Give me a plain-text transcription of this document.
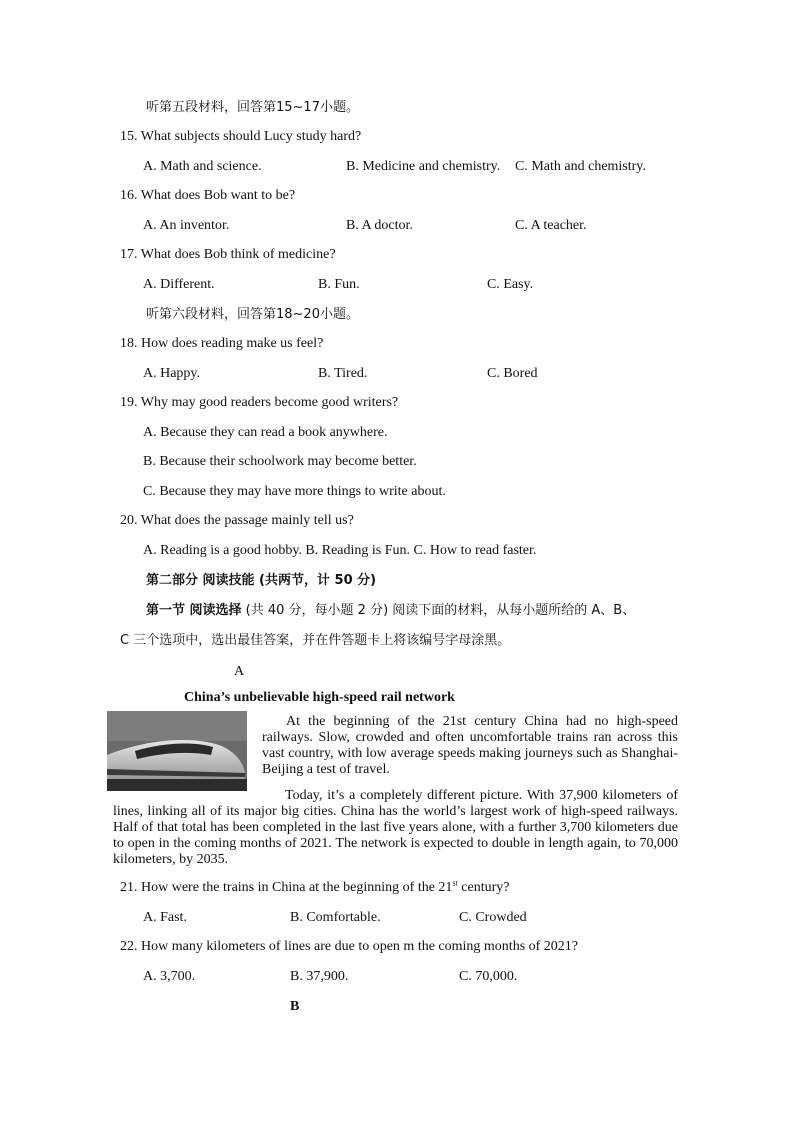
听第五段材料，回答第15~17小题。
15. What subjects should Lucy study hard?
A. Math and science.	B. Medicine and chemistry. C. Math and chemistry.
16. What does Bob want to be?
A. An inventor.	B. A doctor.	C. A teacher.
17. What does Bob think of medicine?
A. Different.	B. Fun.	C. Easy.
听第六段材料，回答第18~20小题。
18. How does reading make us feel?
A. Happy.	B. Tired.	C. Bored
19. Why may good readers become good writers?
A. Because they can read a book anywhere.
B. Because their schoolwork may become better.
C. Because they may have more things to write about.
20. What does the passage mainly tell us?
A. Reading is a good hobby. B. Reading is Fun. C. How to read faster.
第二部分 阅读技能 (共两节，计 50 分)
第一节 阅读选择 (共 40 分，每小题 2 分) 阅读下面的材料，从每小题所给的 A、B、
C 三个选项中，选出最佳答案，并在件答题卡上将该编号字母涂黑。
A
China’s unbelievable high-speed rail network
At the beginning of the 21st century China had no high-speed railways. Slow, crowded and often uncomfortable trains ran across this vast country, with low average speeds making journeys such as Shanghai-Beijing a test of travel.
Today, it’s a completely different picture. With 37,900 kilometers of lines, linking all of its major big cities. China has the world’s largest work of high-speed railways. Half of that total has been completed in the last five years alone, with a further 3,700 kilometers due to open in the coming months of 2021. The network is expected to double in length again, to 70,000 kilometers, by 2035.
21. How were the trains in China at the beginning of the 21st century?
A. Fast.	B. Comfortable.	C. Crowded
22. How many kilometers of lines are due to open m the coming months of 2021?
A. 3,700.	B. 37,900.	C. 70,000.
B
